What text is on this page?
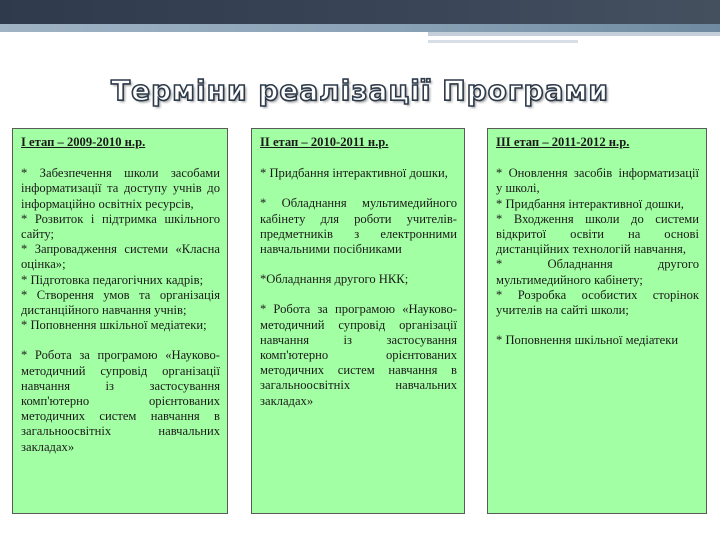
Терміни реалізації Програми

І етап – 2009-2010 н.р.

* Забезпечення школи засобами інформатизації та доступу учнів до інформаційно освітніх ресурсів,

* Розвиток і підтримка шкільного сайту;

* Запровадження системи «Класна оцінка»;

* Підготовка педагогічних кадрів;

* Створення умов та організація дистанційного навчання учнів;

* Поповнення шкільної медіатеки;

* Робота за програмою «Науково-методичний супровід організації навчання із застосування комп'ютерно орієнтованих методичних систем навчання в загальноосвітніх навчальних закладах»

ІІ етап – 2010-2011 н.р.

* Придбання інтерактивної дошки,

* Обладнання мультимедийного кабінету для роботи учителів-предметників з електронними навчальними посібниками

*Обладнання другого НКК;

* Робота за програмою «Науково-методичний супровід організації навчання із застосування комп'ютерно орієнтованих методичних систем навчання в загальноосвітніх навчальних закладах»

ІІІ етап – 2011-2012 н.р.

* Оновлення засобів інформатизації у школі,

* Придбання інтерактивної дошки,

* Входження школи до системи відкритої освіти на основі дистанційних технологій навчання,

* Обладнання другого мультимедийного кабінету;

* Розробка особистих сторінок учителів на сайті школи;

* Поповнення шкільної медіатеки
